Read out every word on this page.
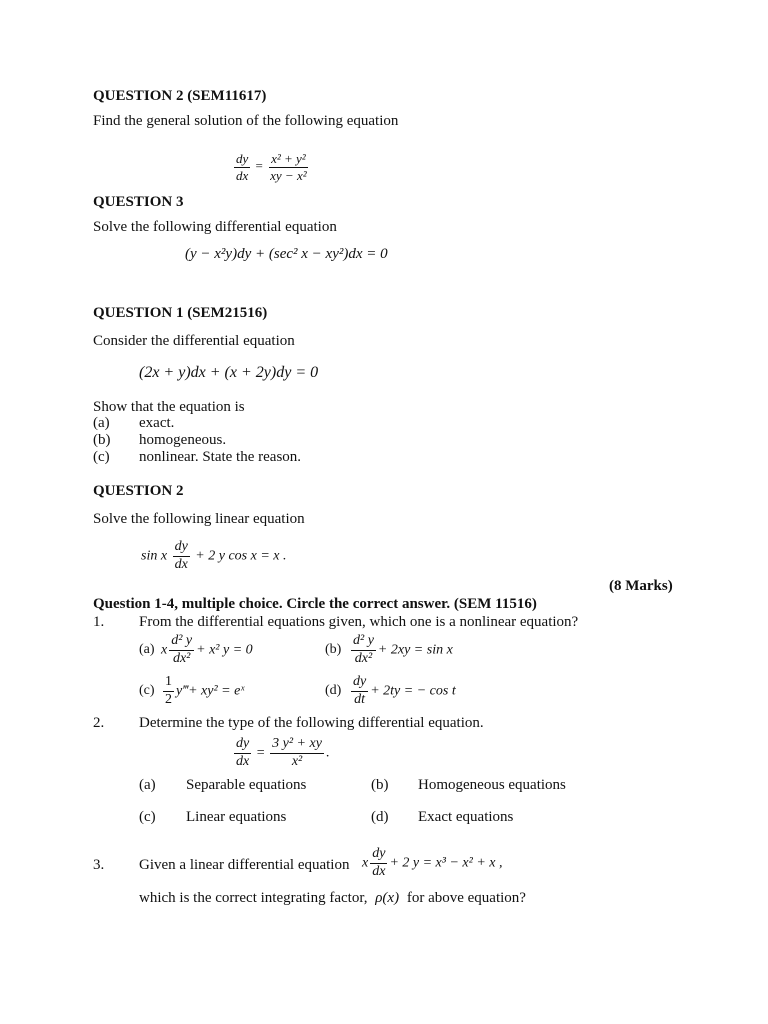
QUESTION 2 (SEM11617)
Find the general solution of the following equation
$\frac{dy}{dx} = \frac{\text{x² + y²}}{\text{xy − x²}}$
QUESTION 3
Solve the following differential equation
(y − x²y)dy + (sec² x − xy²)dx = 0
QUESTION 1 (SEM21516)
Consider the differential equation
(2x + y)dx + (x + 2y)dy = 0
Show that the equation is
(a) exact.
(b) homogeneous.
(c) nonlinear. State the reason.
QUESTION 2
Solve the following linear equation
sin x $\frac{dy}{dx} + 2$ y cos x = x .
(8 Marks)
Question 1-4, multiple choice. Circle the correct answer. (SEM 11516)
1. From the differential equations given, which one is a nonlinear equation?
(a) x $\frac{\text{d² y}}{\text{dx²}} + x^2$ y = 0	$(b) \frac{\text{d² y}}{\text{dx²}} + 2xy = \sin x$
$(c) \frac{1}{2}$ y‴+ xy² = eˣ	$(d) \frac{dy}{dt} + 2ty$ = − cos t
2. Determine the type of the following differential equation.
$\frac{dy}{dx} = \frac{\text{3 y² + xy}}{\text{x²}}$ .
(a) Separable equations	(b) Homogeneous equations
(c) Linear equations	(d) Exact equations
3. Given a linear differential equation x $\frac{dy}{dx} + 2$ y = x³ − x² + x ,
which is the correct integrating factor, ρ(x) for above equation?
